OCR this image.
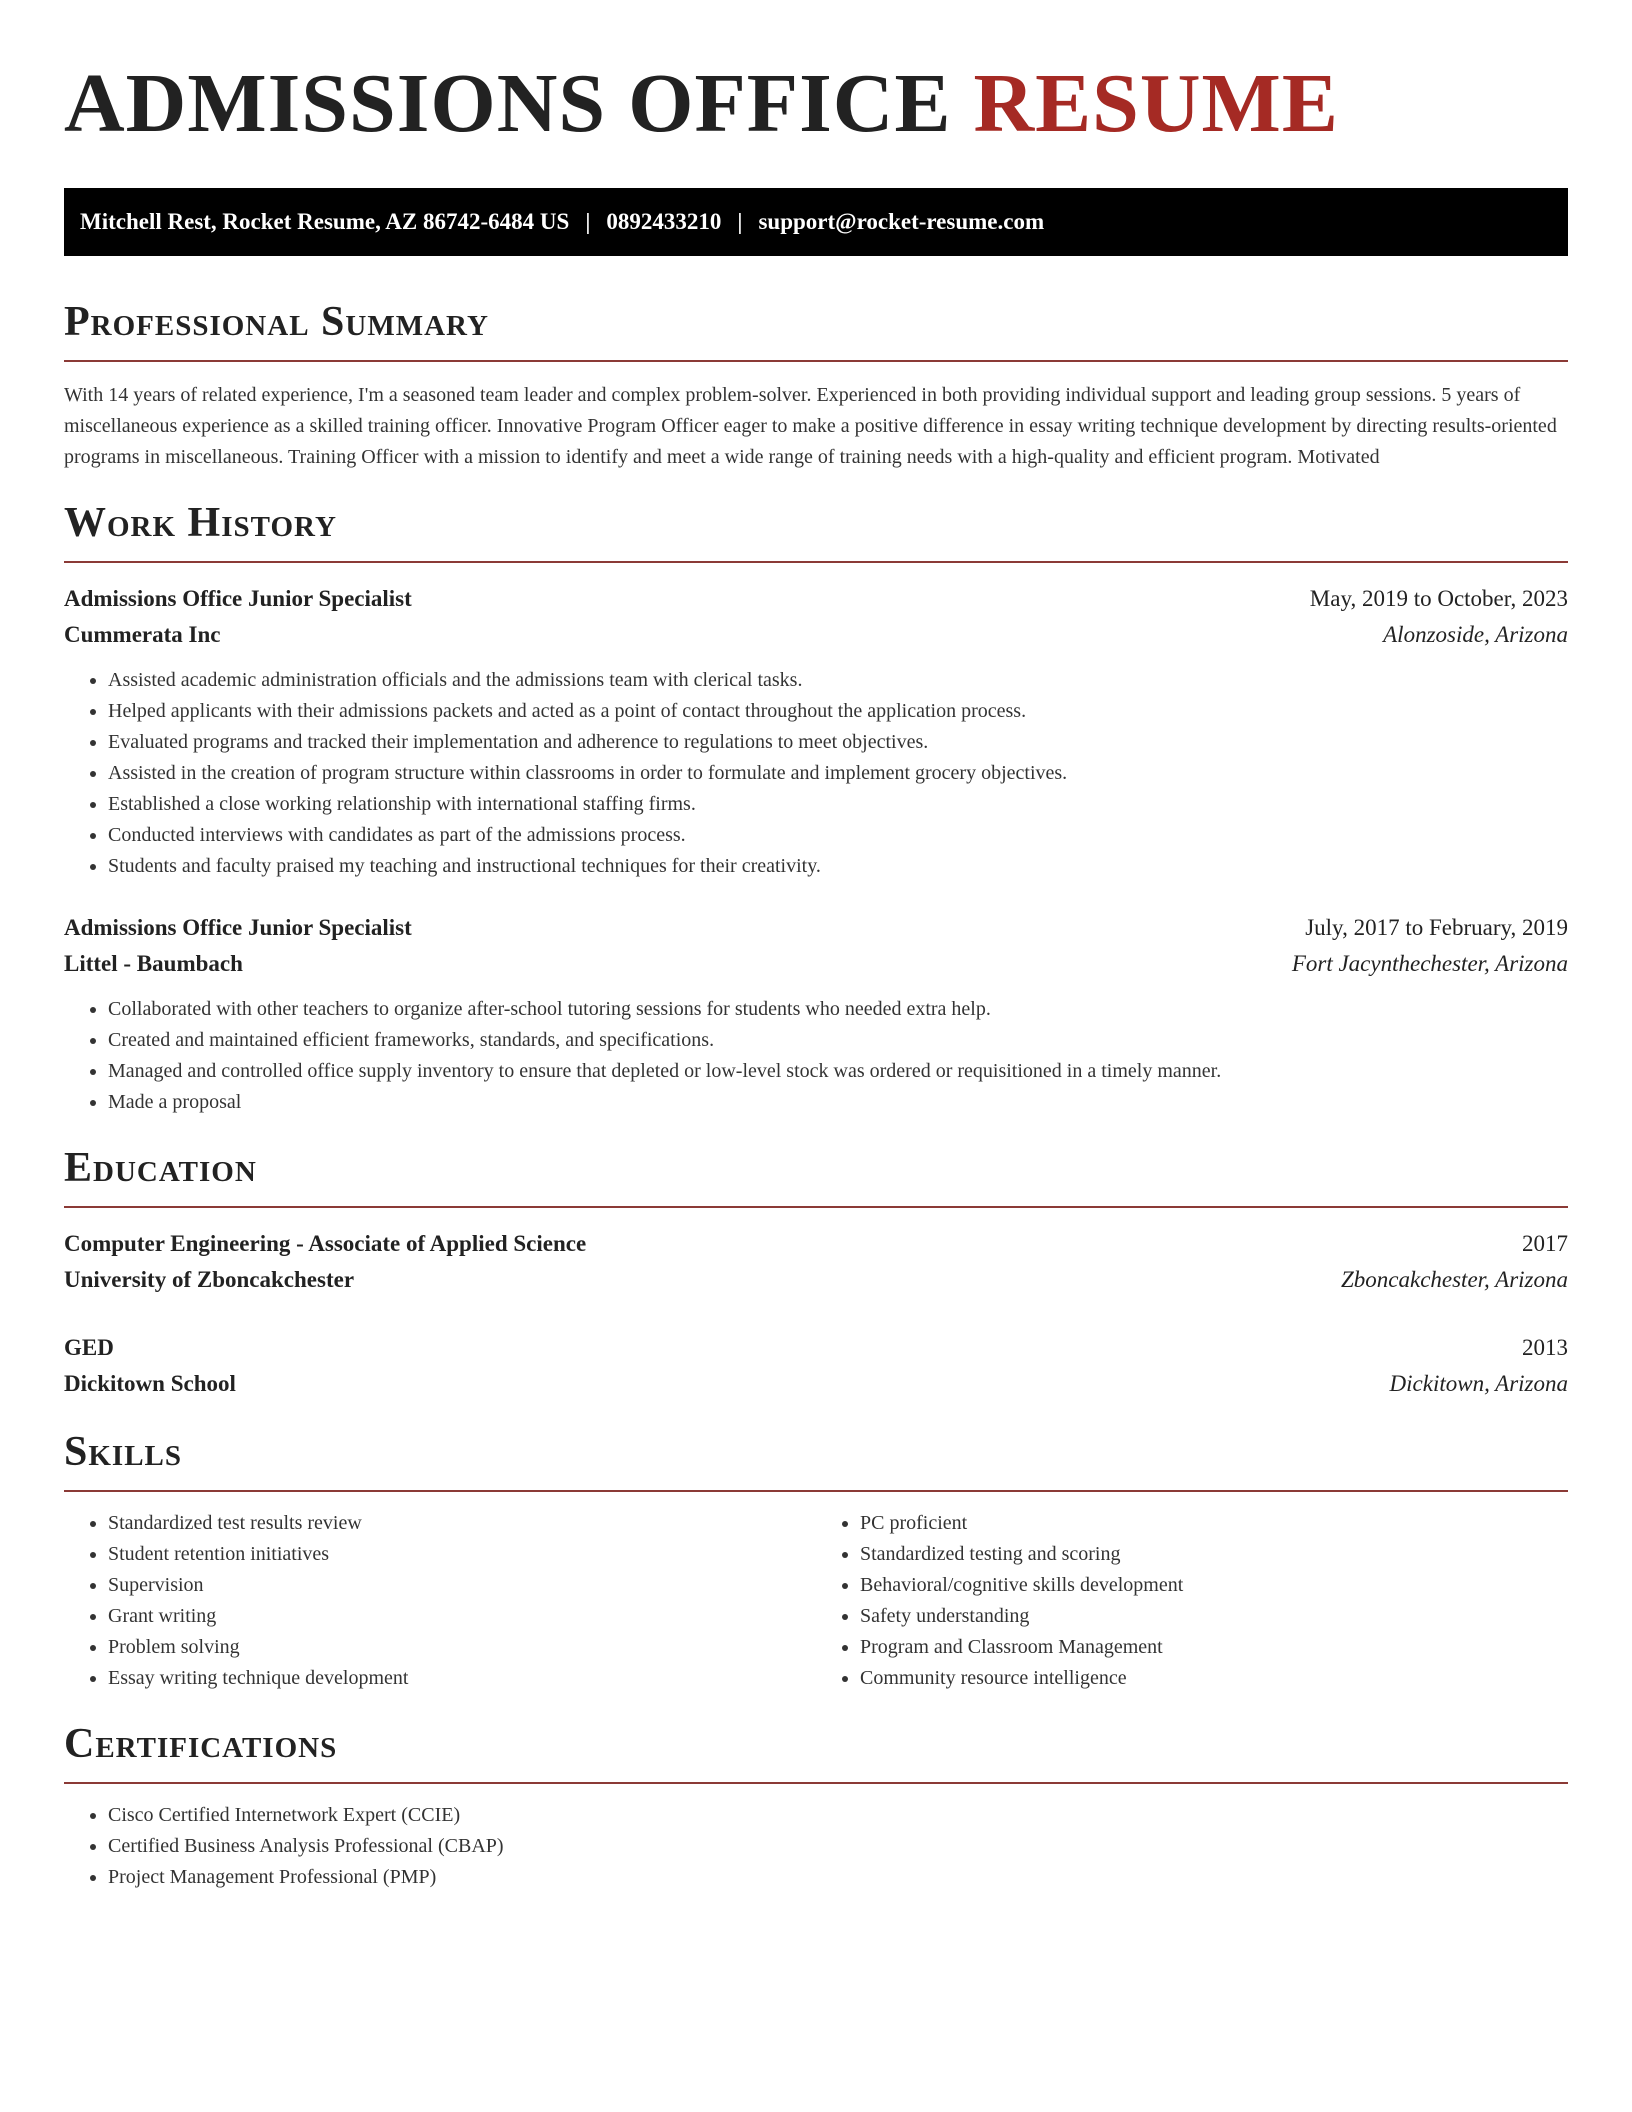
ADMISSIONS OFFICE RESUME
Mitchell Rest, Rocket Resume, AZ 86742-6484 US | 0892433210 | support@rocket-resume.com
Professional Summary

With 14 years of related experience, I'm a seasoned team leader and complex problem-solver. Experienced in both providing individual support and leading group sessions. 5 years of miscellaneous experience as a skilled training officer. Innovative Program Officer eager to make a positive difference in essay writing technique development by directing results-oriented programs in miscellaneous. Training Officer with a mission to identify and meet a wide range of training needs with a high-quality and efficient program. Motivated

Work History
Admissions Office Junior Specialist	May, 2019 to October, 2023
Cummerata Inc	Alonzoside, Arizona
• Assisted academic administration officials and the admissions team with clerical tasks.
• Helped applicants with their admissions packets and acted as a point of contact throughout the application process.
• Evaluated programs and tracked their implementation and adherence to regulations to meet objectives.
• Assisted in the creation of program structure within classrooms in order to formulate and implement grocery objectives.
• Established a close working relationship with international staffing firms.
• Conducted interviews with candidates as part of the admissions process.
• Students and faculty praised my teaching and instructional techniques for their creativity.
Admissions Office Junior Specialist	July, 2017 to February, 2019
Littel - Baumbach	Fort Jacynthechester, Arizona
• Collaborated with other teachers to organize after-school tutoring sessions for students who needed extra help.
• Created and maintained efficient frameworks, standards, and specifications.
• Managed and controlled office supply inventory to ensure that depleted or low-level stock was ordered or requisitioned in a timely manner.
• Made a proposal
Education
Computer Engineering - Associate of Applied Science	2017
University of Zboncakchester	Zboncakchester, Arizona
GED	2013
Dickitown School	Dickitown, Arizona
Skills
• Standardized test results review
• Student retention initiatives
• Supervision
• Grant writing
• Problem solving
• Essay writing technique development
• PC proficient
• Standardized testing and scoring
• Behavioral/cognitive skills development
• Safety understanding
• Program and Classroom Management
• Community resource intelligence
Certifications
• Cisco Certified Internetwork Expert (CCIE)
• Certified Business Analysis Professional (CBAP)
• Project Management Professional (PMP)
